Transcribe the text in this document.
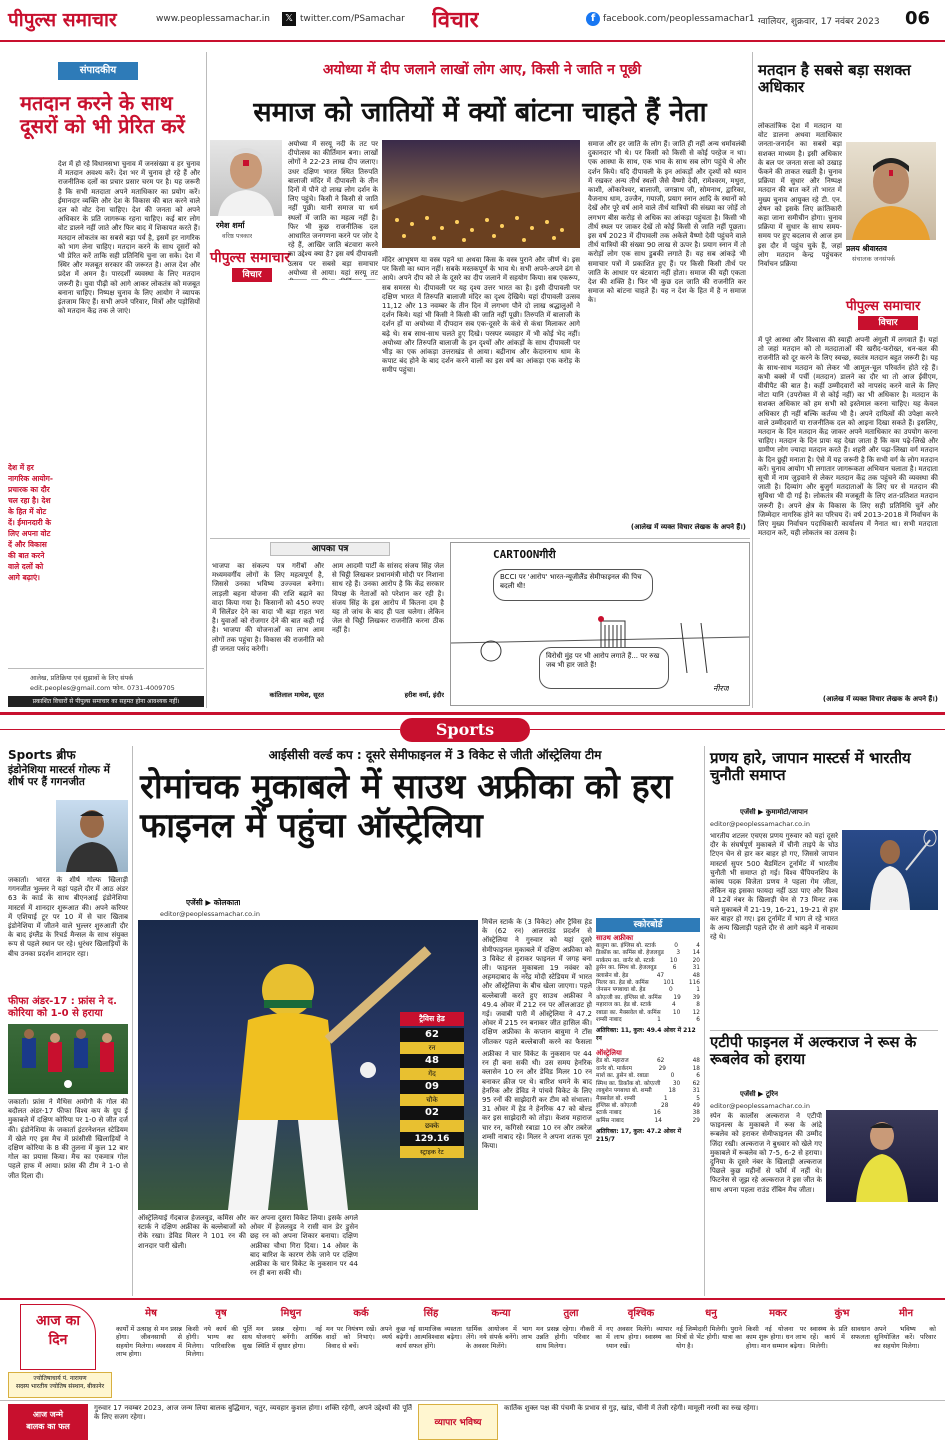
पीपुल्स समाचार	www.peoplessamachar.in 𝕏 twitter.com/PSamachar विचार	f facebook.com/peoplessamachar1 ग्वालियर, शुक्रवार, 17 नवंबर 2023 06
संपादकीय
मतदान करने के साथ दूसरों को भी प्रेरित करें
देश में हो रहे विधानसभा चुनाव में जनसंख्या व हर चुनाव में मतदान अवश्य करें। देश भर में चुनाव हो रहे हैं और राजनीतिक दलों का प्रचार प्रसार चरम पर है। यह जरूरी है कि सभी मतदाता अपने मताधिकार का प्रयोग करें। ईमानदार व्यक्ति और देश के विकास की बात करने वाले दल को वोट देना चाहिए। देश की जनता को अपने अधिकार के प्रति जागरूक रहना चाहिए। कई बार लोग वोट डालने नहीं जाते और फिर बाद में शिकायत करते हैं। मतदान लोकतंत्र का सबसे बड़ा पर्व है, इसमें हर नागरिक को भाग लेना चाहिए। मतदान करने के साथ दूसरों को भी प्रेरित करें ताकि सही प्रतिनिधि चुना जा सके। देश में स्थिर और मजबूत सरकार की जरूरत है। आज देश और प्रदेश में अमन है। पारदर्शी व्यवस्था के लिए मतदान जरूरी है। युवा पीढ़ी को आगे आकर लोकतंत्र को मजबूत बनाना चाहिए। निष्पक्ष चुनाव के लिए आयोग ने व्यापक इंतजाम किए हैं। सभी अपने परिवार, मित्रों और पड़ोसियों को मतदान केंद्र तक ले जाएं।
देश में हर नागरिक आयोग-प्रचारक का दौर चल रहा है। देश के हित में वोट दें। ईमानदारी के लिए अपना वोट दें और विकास की बात करने वाले दलों को आगे बढ़ाएं।
आलेख, प्रतिक्रिया एवं सुझावों के लिए संपर्क
edit.peoples@gmail.com फोन. 0731-4009705
प्रकाशित विचारों से पीपुल्स समाचार का सहमत होना आवश्यक नहीं।
अयोध्या में दीप जलाने लाखों लोग आए, किसी ने जाति न पूछी
समाज को जातियों में क्यों बांटना चाहते हैं नेता
रमेश शर्मा
वरिष्ठ पत्रकार
पीपुल्स समाचार
विचार
अयोध्या में सरयू नदी के तट पर दीपोत्सव का कीर्तिमान बना। लाखों लोगों ने 22-23 लाख दीप जलाए। उधर दक्षिण भारत स्थित तिरुपति बालाजी मंदिर में दीपावली के तीन दिनों में पौने दो लाख लोग दर्शन के लिए पहुंचे। किसी ने किसी से जाति नहीं पूछी। यानी समाज या धर्म स्थलों में जाति का महत्व नहीं है। फिर भी कुछ राजनीतिक दल आधारित जनगणना करने पर जोर दे रहे हैं, आखिर जाति बंटवारा करने का उद्देश्य क्या है? इस वर्ष दीपावली उत्सव पर सबसे बड़ा समाचार अयोध्या से आया। यहां सरयू तट
मंदिर आभूषण या वस्त्र पहने था अथवा किस के वस्त्र पुराने और जीर्ण थे। इस पर किसी का ध्यान नहीं। सबके मस्तकपूर्ण के भाव थे। सभी अपने-अपने ढंग से आये। अपने दीप को ले के दूसरे का दीप जलाने में सहयोग किया। सब एकरूप, सब समरस थे। दीपावली पर यह दृश्य उत्तर भारत का है। इसी दीपावली पर दक्षिण भारत में तिरुपति बालाजी मंदिर का दृश्य देखिये। यहां दीपावली उत्सव 11,12 और 13 नवम्बर के तीन दिन में लगभग पौने दो लाख श्रद्धालुओं ने दर्शन किये। यहां भी किसी ने किसी की जाति नहीं पूछी। तिरुपति में बालाजी के दर्शन हों या अयोध्या में दीपदान सब एक-दूसरे के कंधे से कंधा मिलाकर आगे बढ़े थे। सब साथ-साथ चलते हुए दिखे। परस्पर व्यवहार में भी कोई भेद नहीं। अयोध्या और तिरुपति बालाजी के इन दृश्यों और आंकड़ों के साथ दीपावली पर भीड़ का एक आंकड़ा उत्तराखंड से आया। बद्रीनाथ और केदारनाथ धाम के कपाट बंद होने के बाद दर्शन करने वालों का इस वर्ष का आंकड़ा एक करोड़ के समीप पहुंचा।
समाज और हर जाति के लोग हैं। जाति ही नहीं अन्य धर्मावलंबी दुकानदार भी थे। पर किसी को किसी से कोई परहेज न था। एक आस्था के साथ, एक भाव के साथ सब लोग पहुंचे थे और दर्शन किये। यदि दीपावली के इन आंकड़ों और दृश्यों को ध्यान में रखकर अन्य तीर्थ स्थलों जैसे वैष्णो देवी, रामेश्वरम, मथुरा, काशी, ओंकारेश्वर, बालाजी, जगन्नाथ जी, सोमनाथ, द्वारिका, वैजनाथ धाम, उज्जैन, गयाजी, प्रयाग स्नान आदि के स्थानों को देखें और पूरे वर्ष आने वाले तीर्थ यात्रियों की संख्या का जोड़ें तो लगभग बीस करोड़ से अधिक का आंकड़ा पहुंचता है। किसी भी तीर्थ स्थल पर जाकर देखें तो कोई किसी से जाति नहीं पूछता। इस वर्ष 2023 में दीपावली तक अकेले वैष्णो देवी पहुंचने वाले तीर्थ यात्रियों की संख्या 90 लाख से ऊपर है। प्रयाग स्नान में तो करोड़ों लोग एक साथ डुबकी लगाते हैं। यह सब आंकड़े भी समाचार पत्रों में प्रकाशित हुए हैं। पर किसी किसी तीर्थ पर जाति के आधार पर बंटवारा नहीं होता। समाज की यही एकता देश की शक्ति है। फिर भी कुछ दल जाति की राजनीति कर समाज को बांटना चाहते हैं। यह न देश के हित में है न समाज के।
(आलेख में व्यक्त विचार लेखक के अपने हैं।)
आपका पत्र
भाजपा का संकल्प पत्र गरीबों और मध्यमवर्गीय लोगों के लिए महत्वपूर्ण है, जिससे उनका भविष्य उज्ज्वल बनेगा। लाड़ली बहना योजना की राशि बढ़ाने का वादा किया गया है। किसानों को 450 रुपए में सिलेंडर देने का वादा भी बड़ा राहत भरा है। युवाओं को रोजगार देने की बात कही गई है। भाजपा की योजनाओं का लाभ आम लोगों तक पहुंचा है। विकास की राजनीति को ही जनता पसंद करेगी।
कांतिलाल माथेश, सूरत
आम आदमी पार्टी के सांसद संजय सिंह जेल से चिट्ठी लिखकर प्रधानमंत्री मोदी पर निशाना साध रहे हैं। उनका आरोप है कि केंद्र सरकार विपक्ष के नेताओं को परेशान कर रही है। संजय सिंह के इस आरोप में कितना दम है यह तो जांच के बाद ही पता चलेगा। लेकिन जेल से चिट्ठी लिखकर राजनीति करना ठीक नहीं है।
हरीश वर्मा, इंदौर
CARTOONगीरी
BCCI पर 'आरोप' भारत-न्यूजीलैंड सेमीफाइनल की पिच बदली थी!
विरोधी मुंह पर भी आरोप लगाते हैं... पर रुख जब भी हार जाते हैं!
नीरज
मतदान है सबसे बड़ा सशक्त अधिकार
लोकतांत्रिक देश में मतदान या वोट डालना अथवा मताधिकार जनता-जनार्दन का सबसे बड़ा सशक्त माध्यम है। इसी अधिकार के बल पर जनता सत्ता को उखाड़ फेंकने की ताकत रखती है। चुनाव प्रक्रिया में सुधार और निष्पक्ष मतदान की बात करें तो भारत में मुख्य चुनाव आयुक्त रहे टी. एन. शेषन को इसके लिए क्रांतिकारी कहा जाना समीचीन होगा। चुनाव प्रक्रिया में सुधार के साथ समय-समय पर हुए बदलाव से आज हम इस दौर में पहुंच चुके हैं, जहां लोग मतदान केन्द्र पहुंचकर निर्वाचन प्रक्रिया
प्रलय श्रीवास्तव
संचालक जनसंपर्क
पीपुल्स समाचार
विचार
में पूरे आस्था और विश्वास की स्याही अपनी अंगुली में लगवाते हैं। यहां तो जहां मतदान को तो मतदाताओं की खरीद-फरोख्त, धन-बल की राजनीति को दूर करने के लिए स्वच्छ, स्वतंत्र मतदान बहुत जरूरी है। यह के साथ-साथ मतदान को लेकर भी आमूल-चूल परिवर्तन होते रहे हैं। कभी बक्से में पर्ची (मतदान) डालने का दौर था तो आज ईवीएम, वीवीपैट की बात है। कहीं उम्मीदवारों को नापसंद करने वाले के लिए नोटा यानि (उपरोक्त में से कोई नहीं) का भी अधिकार है। मतदान के सशक्त अधिकार को हम सभी को इस्तेमाल करना चाहिए। यह केवल अधिकार ही नहीं बल्कि कर्तव्य भी है। अपने दायित्वों की उपेक्षा करने वाले उम्मीदवारों या राजनीतिक दल को आइना दिखा सकते हैं। इसलिए, मतदान के दिन मतदान केंद्र जाकर अपने मताधिकार का उपयोग करना चाहिए। मतदान के दिन प्रायः यह देखा जाता है कि कम पढ़े-लिखे और ग्रामीण लोग ज्यादा मतदान करते हैं। शहरी और पढ़ा-लिखा वर्ग मतदान के दिन छुट्टी मनाता है। ऐसे में यह जरूरी है कि सभी वर्ग के लोग मतदान करें। चुनाव आयोग भी लगातार जागरूकता अभियान चलाता है। मतदाता सूची में नाम जुड़वाने से लेकर मतदान केंद्र तक पहुंचने की व्यवस्था की जाती है। दिव्यांग और बुजुर्ग मतदाताओं के लिए घर से मतदान की सुविधा भी दी गई है। लोकतंत्र की मजबूती के लिए शत-प्रतिशत मतदान जरूरी है। अपने क्षेत्र के विकास के लिए सही प्रतिनिधि चुनें और जिम्मेदार नागरिक होने का परिचय दें। वर्ष 2013-2018 में निर्वाचन के लिए मुख्य निर्वाचन पदाधिकारी कार्यालय में नैनात था। सभी मतदाता मतदान करें, यही लोकतंत्र का उत्सव है।
(आलेख में व्यक्त विचार लेखक के अपने हैं।)
Sports
Sports ब्रीफ
इंडोनेशिया मास्टर्स गोल्फ में शीर्ष पर हैं गगनजीत
जकार्ता। भारत के शीर्ष गोल्फ खिलाड़ी गगनजीत भुल्लर ने यहां पहले दौर में आठ अंडर 63 के कार्ड के साथ बीएनआई इंडोनेशिया मास्टर्स में शानदार शुरूआत की। अपने करियर में एशियाई टूर पर 10 में से चार खिताब इंडोनेशिया में जीतने वाले भुल्लर शुरुआती दौर के बाद इंग्लैंड के रिचर्ड मैन्सल के साथ संयुक्त रूप से पहले स्थान पर रहे। धुरंधर खिलाड़ियों के बीच उनका प्रदर्शन शानदार रहा।
फीफा अंडर-17 : फ्रांस ने द. कोरिया को 1-0 से हराया
जकार्ता। फ्रांस ने मैथिस अमोगौ के गोल की बदौलत अंडर-17 फीफा विश्व कप के ग्रुप ई मुकाबले में दक्षिण कोरिया पर 1-0 से जीत दर्ज की। इंडोनेशिया के जकार्ता इंटरनेशनल स्टेडियम में खेले गए इस मैच में फ्रांसीसी खिलाड़ियों ने दक्षिण कोरिया के 8 की तुलना में कुल 12 बार गोल का प्रयास किया। मैच का एकमात्र गोल पहले हाफ में आया। फ्रांस की टीम ने 1-0 से जीत दिला दी।
आईसीसी वर्ल्ड कप : दूसरे सेमीफाइनल में 3 विकेट से जीती ऑस्ट्रेलिया टीम
रोमांचक मुकाबले में साउथ अफ्रीका को हरा फाइनल में पहुंचा ऑस्ट्रेलिया
एजेंसी ▶ कोलकाता
editor@peoplessamachar.co.in
ट्रैविस हेड
62
रन
48
गेंद
09
चौके
02
छक्के
129.16
स्ट्राइक रेट
मिचेल स्टार्क के (3 विकेट) और ट्रैविस हेड के (62 रन) आलराउंड प्रदर्शन से ऑस्ट्रेलिया ने गुरुवार को यहां दूसरे सेमीफाइनल मुकाबले में दक्षिण अफ्रीका को 3 विकेट से हराकर फाइनल में जगह बना ली। फाइनल मुकाबला 19 नवंबर को अहमदाबाद के नरेंद्र मोदी स्टेडियम में भारत और ऑस्ट्रेलिया के बीच खेला जाएगा। पहले बल्लेबाजी करते हुए साउथ अफ्रीका ने 49.4 ओवर में 212 रन पर ऑलआउट हो गई। जवाबी पारी में ऑस्ट्रेलिया ने 47.2 ओवर में 215 रन बनाकर जीत हासिल की। दक्षिण अफ्रीका के कप्तान बावुमा ने टॉस जीतकर पहले बल्लेबाजी करने का फैसला
ऑस्ट्रेलियाई गेंदबाज हेजलवुड, कमिंस और स्टार्क ने दक्षिण अफ्रीका के बल्लेबाजों को रोके रखा। डेविड मिलर ने 101 रन की शानदार पारी खेली।
कर अपना दूसरा विकेट लिया। इसके अगले ओवर में हेजलवुड ने रासी वान डेर डुसेन छह रन को अपना शिकार बनाया। दक्षिण अफ्रीका चौथा गिरा दिया। 14 ओवर के बाद बारिश के कारण रोके जाने पर दक्षिण अफ्रीका के चार विकेट के नुकसान पर 44 रन ही बना सकी थी।
अफ्रीका ने चार विकेट के नुकसान पर 44 रन ही बना सकी थी। उस समय हेनरिक क्लासेन 10 रन और डेविड मिलर 10 रन बनाकर क्रीज पर थे। बारिश थमने के बाद हेनरिक और डेविड ने पांचवे विकेट के लिए 95 रनों की साझेदारी कर टीम को संभाला। 31 ओवर में हेड ने हेनरिक 47 को बोल्ड कर इस साझेदारी को तोड़ा। केशव महाराज चार रन, कगिसो रबाडा 10 रन और तबरेज शम्सी नाबाद रहे। मिलर ने अपना शतक पूरा किया।
स्कोरबोर्ड
साउथ अफ्रीका
बावुमा का. इंग्लिस बो. स्टार्क	0	4
डिकॉक का. कमिंस बो. हेजलवुड 3 14
मार्करम का. वार्नर बो. स्टार्क	10	20
डुसेन का. स्मिथ बो. हेजलवुड	6	31
क्लासेन बो. हेड	47	48
मिलर का. हेड बो. कमिंस	101	116
जेनसन पगबाधा बो. हेड	0	1
कोएत्जी का. इंग्लिस बो. कमिंस 19 39
महाराज का. हेड बो. स्टार्क	4	8
रबाडा का. मैक्सवेल बो. कमिंस 10 12
शम्सी नाबाद	1	6
अतिरिक्त: 11, कुल: 49.4 ओवर में 212 रन
ऑस्ट्रेलिया
हेड बो. महाराज	62	48
वार्नर बो. मार्करम	29	18
मार्श का. डुसेन बो. रबाडा	0	6
स्मिथ का. डिकॉक बो. कोएत्जी 30 62
लाबुशेन पगबाधा बो. शम्सी	18	31
मैक्सवेल बो. शम्सी	1	5
इंग्लिस बो. कोएत्जी	28	49
स्टार्क नाबाद	16	38
कमिंस नाबाद	14	29
अतिरिक्त: 17, कुल: 47.2 ओवर में 215/7
प्रणय हारे, जापान मास्टर्स में भारतीय चुनौती समाप्त
एजेंसी ▶ कुमामोटो/जापान
editor@peoplessamachar.co.in
भारतीय शटलर एचएस प्रणय गुरुवार को यहां दूसरे दौर के संघर्षपूर्ण मुकाबले में चीनी ताइपे के चोउ टिएन चेन से हार कर बाहर हो गए, जिससे जापान मास्टर्स सुपर 500 बैडमिंटन टूर्नामेंट में भारतीय चुनौती भी समाप्त हो गई। विश्व चैंपियनशिप के कांस्य पदक विजेता प्रणय ने पहला गेम जीता, लेकिन वह इसका फायदा नहीं उठा पाए और विश्व में 12वें नंबर के खिलाड़ी चेन से 73 मिनट तक चले मुकाबले में 21-19, 16-21, 19-21 से हार कर बाहर हो गए। इस टूर्नामेंट में भाग ले रहे भारत के अन्य खिलाड़ी पहले दौर से आगे बढ़ने में नाकाम रहे थे।
एटीपी फाइनल में अल्कराज ने रूस के रूबलेव को हराया
एजेंसी ▶ टूरिन
editor@peoplessamachar.co.in
स्पेन के कार्लोस अल्कराज ने एटीपी फाइनल्स के मुकाबले में रूस के आंद्रे रूबलेव को हराकर सेमीफाइनल की उम्मीद जिंदा रखी। अल्कराज ने बुधवार को खेले गए मुकाबले में रूबलेव को 7-5, 6-2 से हराया। दुनिया के दूसरे नंबर के खिलाड़ी अल्कराज पिछले कुछ महीनों से फॉर्म में नहीं थे। फिटनेस से जूझ रहे अल्कराज ने इस जीत के साथ अपना पहला राउंड रॉबिन मैच जीता।
आज का
दिन
ज्योतिषाचार्य पं. नारायण
सदस्य भारतीय ज्योतिष संस्थान, बीकानेर
मेष
कार्यों में उत्साह से मन प्रसन्न होगा। जीवनसाथी से सहयोग मिलेगा। व्यवसाय में लाभ होगा।
वृष
किसी नये कार्य की पूर्ति होगी। भाग्य का साथ मिलेगा। पारिवारिक सुख मिलेगा।
मिथुन
मन प्रसन्न रहेगा। नई योजनाएं बनेंगी। आर्थिक स्थिति में सुधार होगा।
कर्क
मन पर नियंत्रण रखें। अपने वादों को निभाएं। व्यर्थ विवाद से बचें।
सिंह
कुछ नई सामाजिक व्यस्तता बढ़ेगी। आत्मविश्वास बढ़ेगा। कार्य सफल होंगे।
कन्या
धार्मिक आयोजन में भाग लेंगे। नये संपर्क बनेंगे। लाभ के अवसर मिलेंगे।
तुला
मन प्रसन्न रहेगा। नौकरी में उन्नति होगी। परिवार का साथ मिलेगा।
वृश्चिक
नए अवसर मिलेंगे। व्यापार में लाभ होगा। स्वास्थ्य का ध्यान रखें।
धनु
नई जिम्मेदारी मिलेगी। पुराने मित्रों से भेंट होगी। यात्रा का योग है।
मकर
किसी नई योजना पर काम शुरू होगा। धन लाभ होगा। मान सम्मान बढ़ेगा।
कुंभ
स्वास्थ्य के प्रति सावधान रहें। कार्य में सफलता मिलेगी।
मीन
अपने भविष्य को सुनियोजित करें। परिवार का सहयोग मिलेगा।
आज जन्मे
बालक का फल
गुरुवार 17 नवम्बर 2023, आज जन्म लिया बालक बुद्धिमान, चतुर, व्यवहार कुशल होगा। शक्ति रहेगी, अपने उद्देश्यों की पूर्ति के लिए सजग रहेगा।
व्यापार भविष्य
कार्तिक शुक्ल पक्ष की पंचमी के प्रभाव से गुड़, खांड, चीनी में तेजी रहेगी। मामूली नरमी का रुख रहेगा।
